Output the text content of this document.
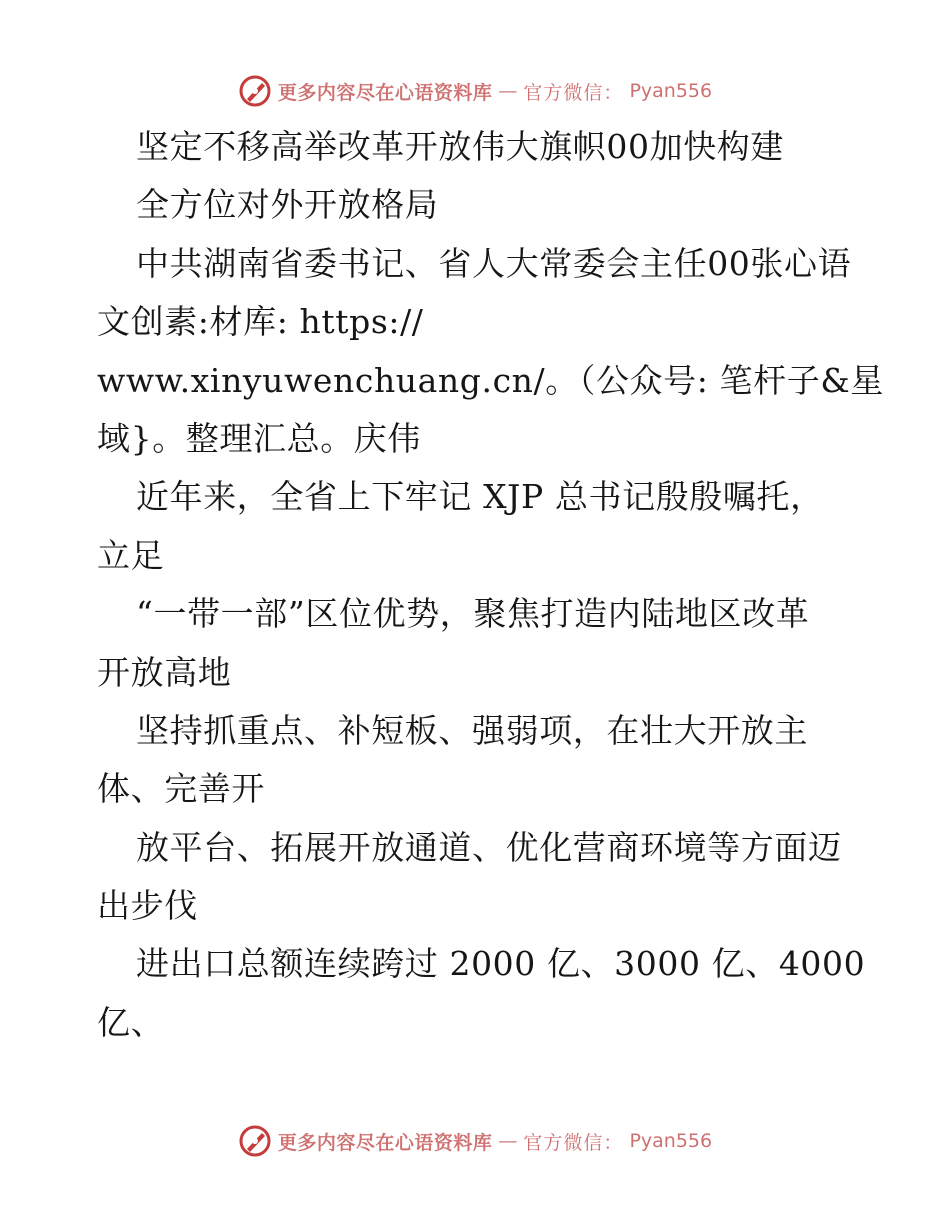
更多内容尽在心语资料库 — 官方微信： Pyan556
坚定不移高举改革开放伟大旗帜00加快构建
全方位对外开放格局
中共湖南省委书记、省人大常委会主任00张心语
文创素:材库: https://
www.xinyuwenchuang.cn/。（公众号: 笔杆子&星
域}。整理汇总。庆伟
近年来，全省上下牢记 XJP 总书记殷殷嘱托，
立足
“一带一部”区位优势，聚焦打造内陆地区改革
开放高地
坚持抓重点、补短板、强弱项，在壮大开放主
体、完善开
放平台、拓展开放通道、优化营商环境等方面迈
出步伐
进出口总额连续跨过 2000 亿、3000 亿、4000
亿、
更多内容尽在心语资料库 — 官方微信： Pyan556
